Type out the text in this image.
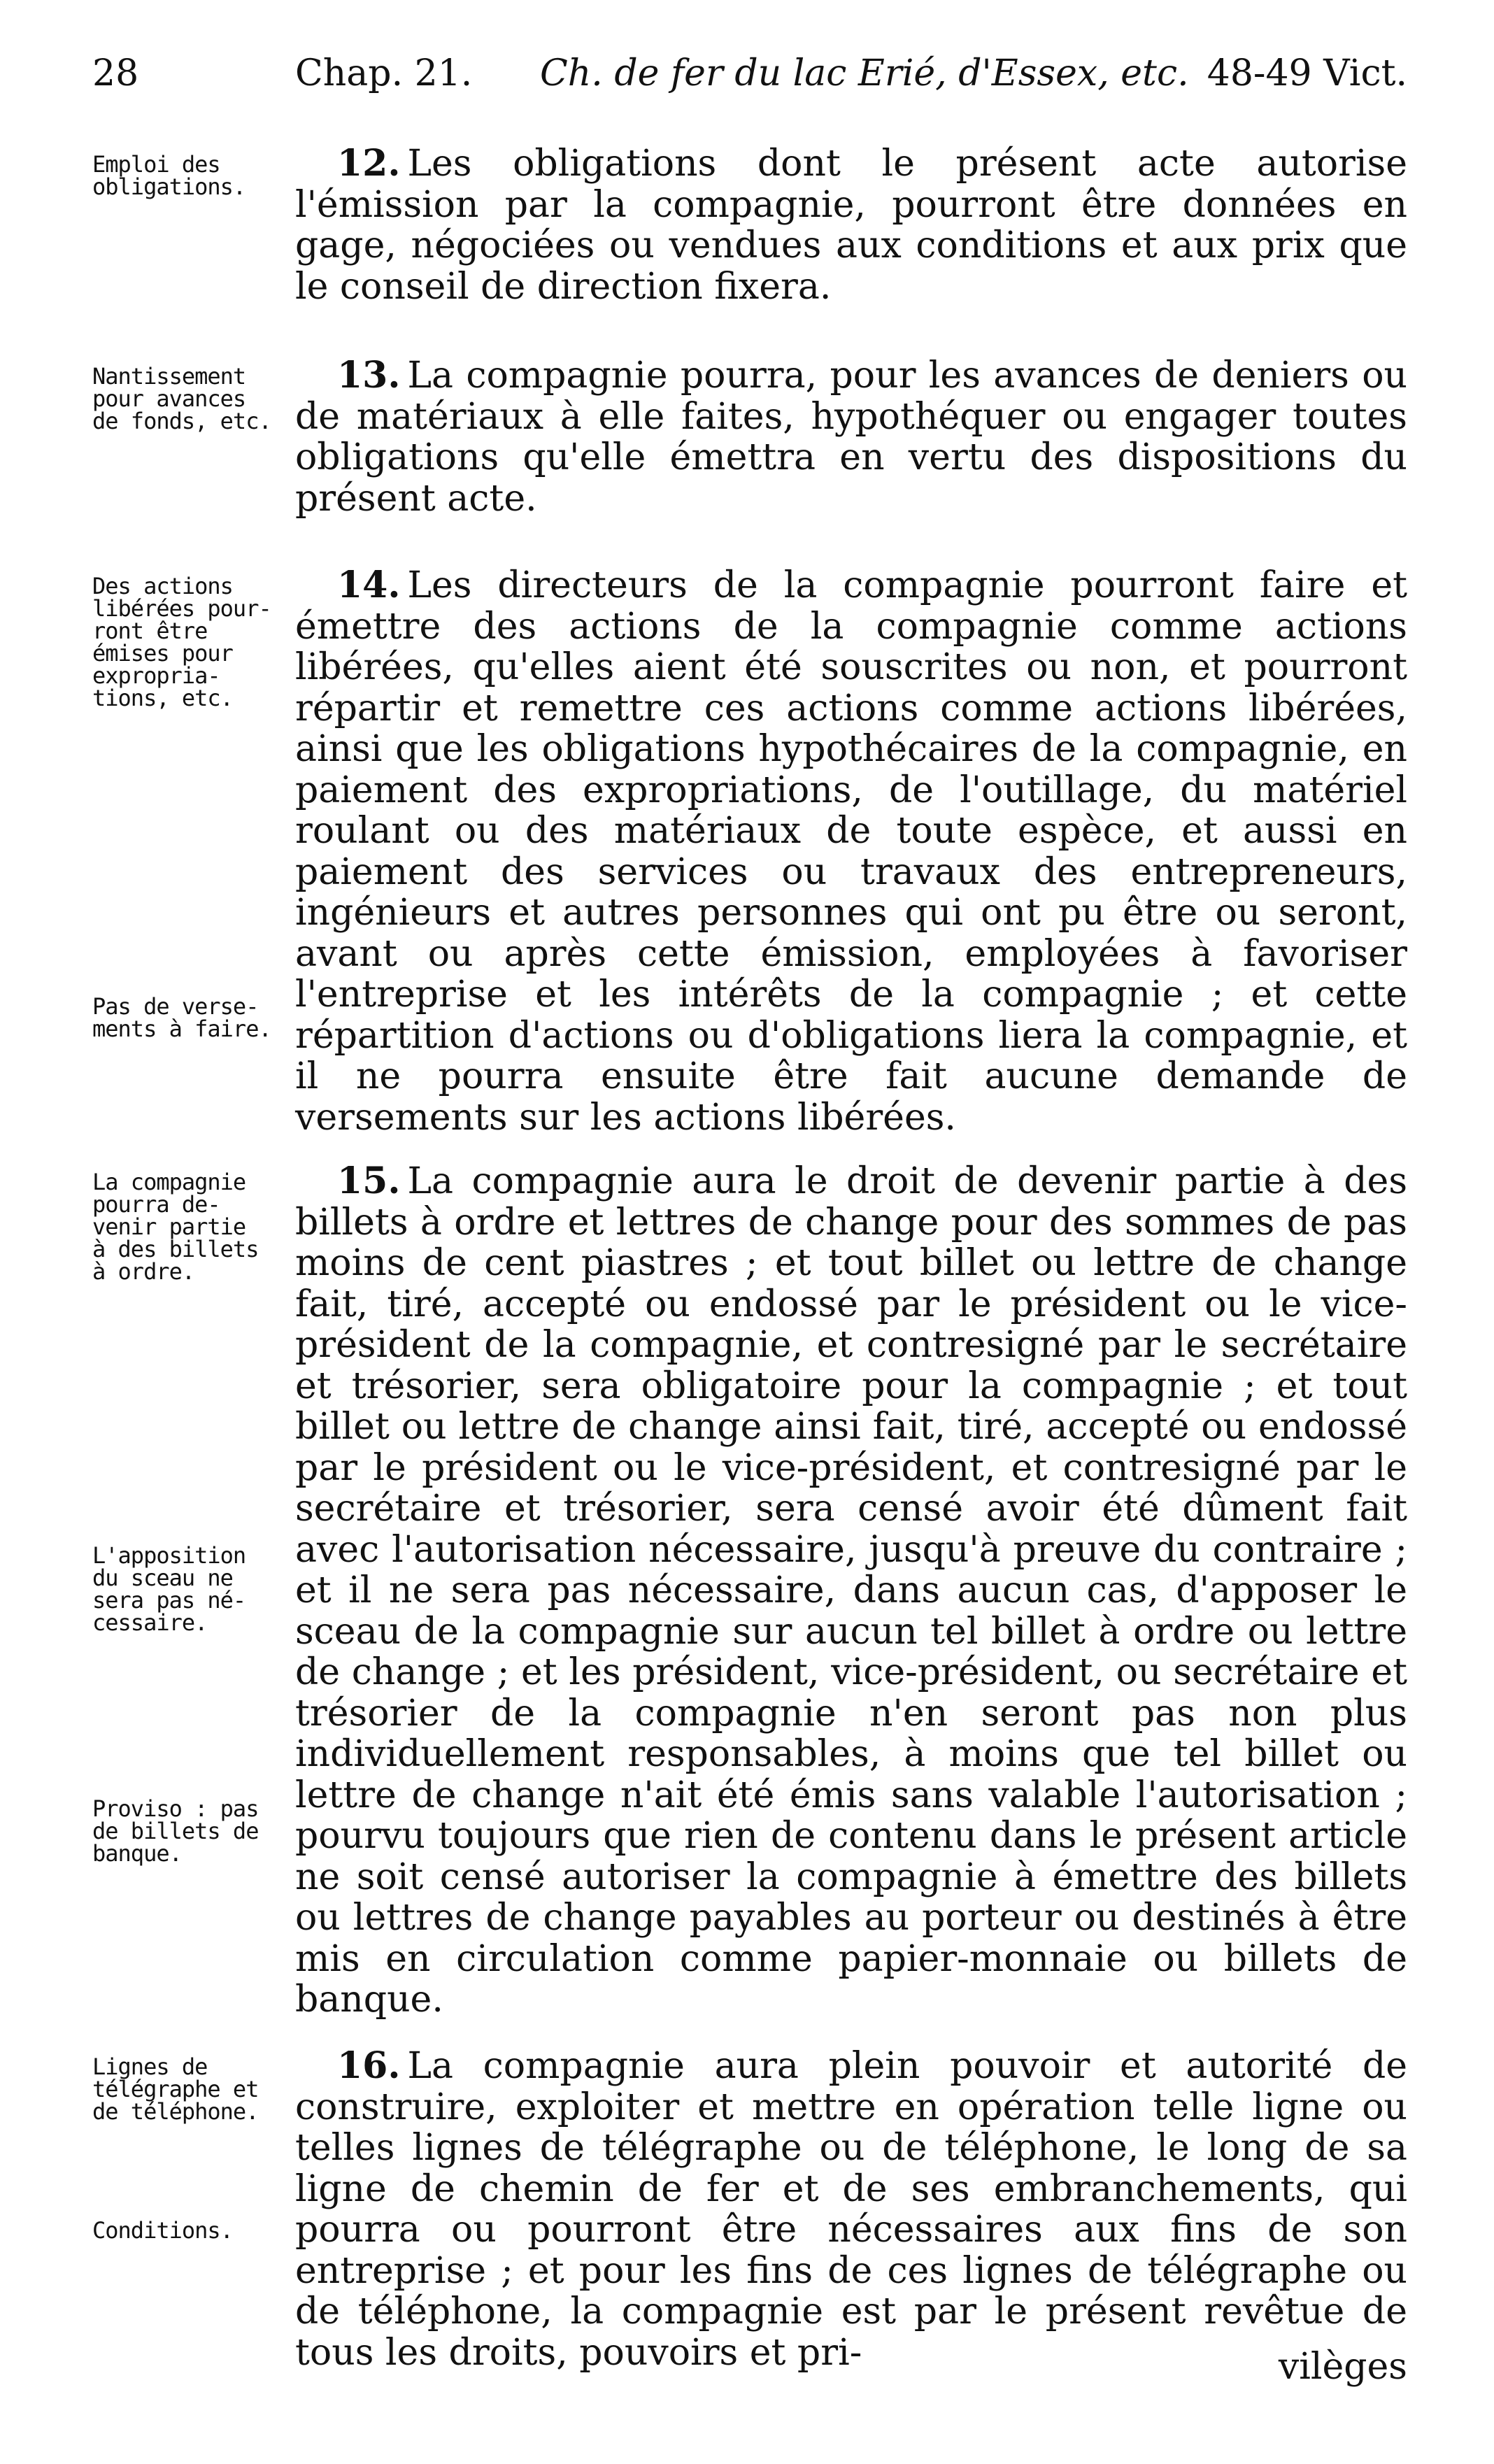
28	Chap. 21. Ch. de fer du lac Erié, d'Essex, etc. 48-49 Vict.
Emploi des
obligations.

12. Les obligations dont le présent acte autorise l'émission par la compagnie, pourront être données en gage, négociées ou vendues aux conditions et aux prix que le conseil de direction fixera.

Nantissement
pour avances
de fonds, etc.

13. La compagnie pourra, pour les avances de deniers ou de matériaux à elle faites, hypothéquer ou engager toutes obligations qu'elle émettra en vertu des dispositions du présent acte.

Des actions
libérées pour-
ront être
émises pour
expropria-
tions, etc.
Pas de verse-
ments à faire.

14. Les directeurs de la compagnie pourront faire et émettre des actions de la compagnie comme actions libérées, qu'elles aient été souscrites ou non, et pourront répartir et remettre ces actions comme actions libérées, ainsi que les obligations hypothécaires de la compagnie, en paiement des expropriations, de l'outillage, du matériel roulant ou des matériaux de toute espèce, et aussi en paiement des services ou travaux des entrepreneurs, ingénieurs et autres personnes qui ont pu être ou seront, avant ou après cette émission, employées à favoriser l'entreprise et les intérêts de la compagnie ; et cette répartition d'actions ou d'obligations liera la compagnie, et il ne pourra ensuite être fait aucune demande de versements sur les actions libérées.

La compagnie
pourra de-
venir partie
à des billets
à ordre.
L'apposition
du sceau ne
sera pas né-
cessaire.
Proviso : pas
de billets de
banque.

15. La compagnie aura le droit de devenir partie à des billets à ordre et lettres de change pour des sommes de pas moins de cent piastres ; et tout billet ou lettre de change fait, tiré, accepté ou endossé par le président ou le vice-président de la compagnie, et contresigné par le secrétaire et trésorier, sera obligatoire pour la compagnie ; et tout billet ou lettre de change ainsi fait, tiré, accepté ou endossé par le président ou le vice-président, et contresigné par le secrétaire et trésorier, sera censé avoir été dûment fait avec l'autorisation nécessaire, jusqu'à preuve du contraire ; et il ne sera pas nécessaire, dans aucun cas, d'apposer le sceau de la compagnie sur aucun tel billet à ordre ou lettre de change ; et les président, vice-président, ou secrétaire et trésorier de la compagnie n'en seront pas non plus individuellement responsables, à moins que tel billet ou lettre de change n'ait été émis sans valable l'autorisation ; pourvu toujours que rien de contenu dans le présent article ne soit censé autoriser la compagnie à émettre des billets ou lettres de change payables au porteur ou destinés à être mis en circulation comme papier-monnaie ou billets de banque.

Lignes de
télégraphe et
de téléphone.
Conditions.

16. La compagnie aura plein pouvoir et autorité de construire, exploiter et mettre en opération telle ligne ou telles lignes de télégraphe ou de téléphone, le long de sa ligne de chemin de fer et de ses embranchements, qui pourra ou pourront être nécessaires aux fins de son entreprise ; et pour les fins de ces lignes de télégraphe ou de téléphone, la compagnie est par le présent revêtue de tous les droits, pouvoirs et pri-	vilèges
